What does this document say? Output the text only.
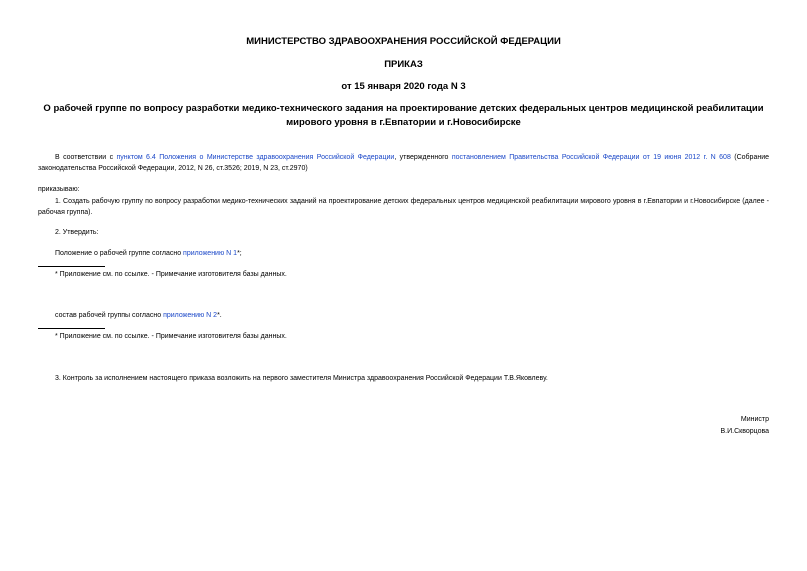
МИНИСТЕРСТВО ЗДРАВООХРАНЕНИЯ РОССИЙСКОЙ ФЕДЕРАЦИИ
ПРИКАЗ
от 15 января 2020 года N 3
О рабочей группе по вопросу разработки медико-технического задания на проектирование детских федеральных центров медицинской реабилитации мирового уровня в г.Евпатории и г.Новосибирске

В соответствии с пунктом 6.4 Положения о Министерстве здравоохранения Российской Федерации, утвержденного постановлением Правительства Российской Федерации от 19 июня 2012 г. N 608 (Собрание законодательства Российской Федерации, 2012, N 26, ст.3526; 2019, N 23, ст.2970)

приказываю:

1. Создать рабочую группу по вопросу разработки медико-технических заданий на проектирование детских федеральных центров медицинской реабилитации мирового уровня в г.Евпатории и г.Новосибирске (далее - рабочая группа).

2. Утвердить:

Положение о рабочей группе согласно приложению N 1*;

* Приложение см. по ссылке. - Примечание изготовителя базы данных.

состав рабочей группы согласно приложению N 2*.

* Приложение см. по ссылке. - Примечание изготовителя базы данных.

3. Контроль за исполнением настоящего приказа возложить на первого заместителя Министра здравоохранения Российской Федерации Т.В.Яковлеву.

Министр
В.И.Скворцова
